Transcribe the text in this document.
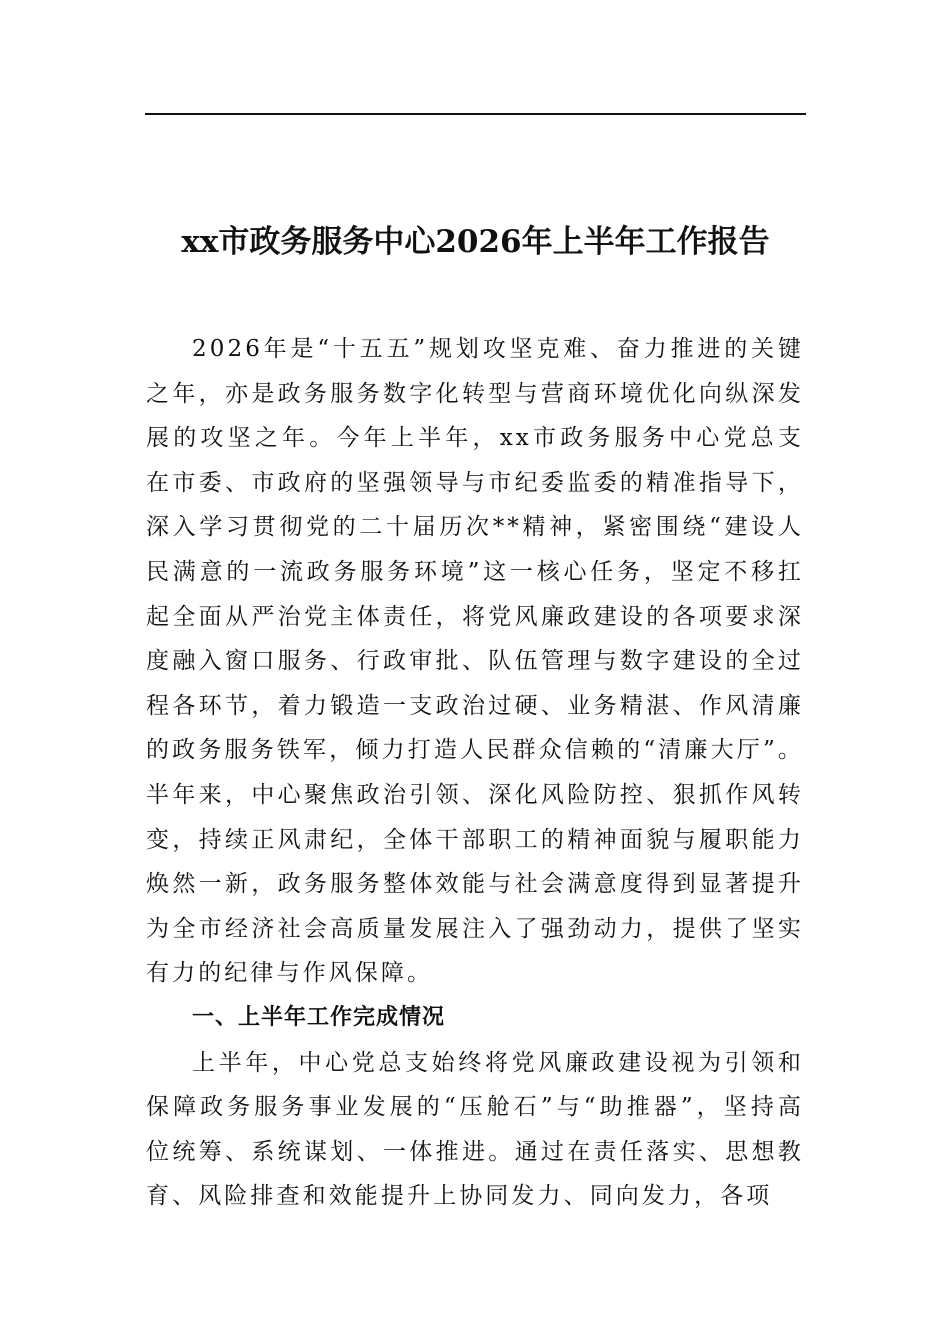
xx市政务服务中心2026年上半年工作报告

2026年是“十五五”规划攻坚克难、奋力推进的关键之年，亦是政务服务数字化转型与营商环境优化向纵深发展的攻坚之年。今年上半年，xx市政务服务中心党总支在市委、市政府的坚强领导与市纪委监委的精准指导下，深入学习贯彻党的二十届历次**精神，紧密围绕“建设人民满意的一流政务服务环境”这一核心任务，坚定不移扛起全面从严治党主体责任，将党风廉政建设的各项要求深度融入窗口服务、行政审批、队伍管理与数字建设的全过程各环节，着力锻造一支政治过硬、业务精湛、作风清廉的政务服务铁军，倾力打造人民群众信赖的“清廉大厅”。半年来，中心聚焦政治引领、深化风险防控、狠抓作风转变，持续正风肃纪，全体干部职工的精神面貌与履职能力焕然一新，政务服务整体效能与社会满意度得到显著提升为全市经济社会高质量发展注入了强劲动力，提供了坚实有力的纪律与作风保障。

一、上半年工作完成情况

上半年，中心党总支始终将党风廉政建设视为引领和保障政务服务事业发展的“压舱石”与“助推器”，坚持高位统筹、系统谋划、一体推进。通过在责任落实、思想教育、风险排查和效能提升上协同发力、同向发力，各项
